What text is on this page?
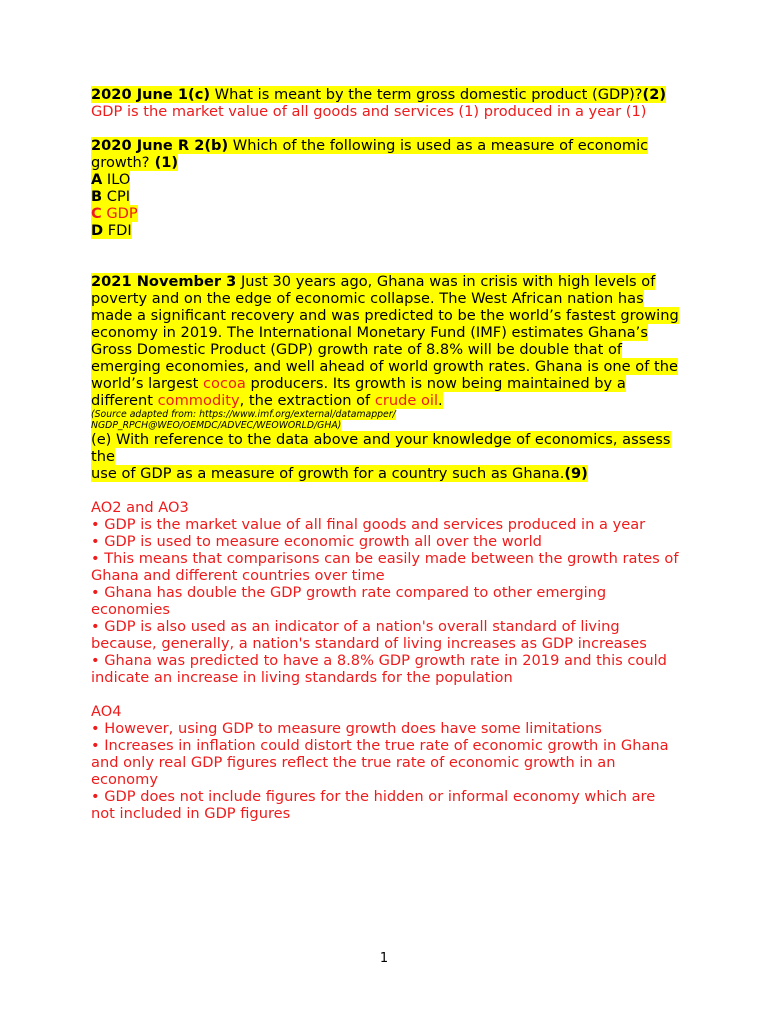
2020 June 1(c) What is meant by the term gross domestic product (GDP)?(2)

GDP is the market value of all goods and services (1) produced in a year (1)

2020 June R 2(b) Which of the following is used as a measure of economic growth? (1)

A ILO

B CPI

C GDP

D FDI

2021 November 3 Just 30 years ago, Ghana was in crisis with high levels of poverty and on the edge of economic collapse. The West African nation has made a significant recovery and was predicted to be the world’s fastest growing economy in 2019. The International Monetary Fund (IMF) estimates Ghana’s Gross Domestic Product (GDP) growth rate of 8.8% will be double that of emerging economies, and well ahead of world growth rates. Ghana is one of the world’s largest cocoa producers. Its growth is now being maintained by a different commodity, the extraction of crude oil.

(Source adapted from: https://www.imf.org/external/datamapper/
NGDP_RPCH@WEO/OEMDC/ADVEC/WEOWORLD/GHA)

(e) With reference to the data above and your knowledge of economics, assess the
use of GDP as a measure of growth for a country such as Ghana.(9)

AO2 and AO3

• GDP is the market value of all final goods and services produced in a year

• GDP is used to measure economic growth all over the world

• This means that comparisons can be easily made between the growth rates of Ghana and different countries over time

• Ghana has double the GDP growth rate compared to other emerging economies

• GDP is also used as an indicator of a nation's overall standard of living because, generally, a nation's standard of living increases as GDP increases

• Ghana was predicted to have a 8.8% GDP growth rate in 2019 and this could indicate an increase in living standards for the population

AO4

• However, using GDP to measure growth does have some limitations

• Increases in inflation could distort the true rate of economic growth in Ghana and only real GDP figures reflect the true rate of economic growth in an economy

• GDP does not include figures for the hidden or informal economy which are not included in GDP figures

1
